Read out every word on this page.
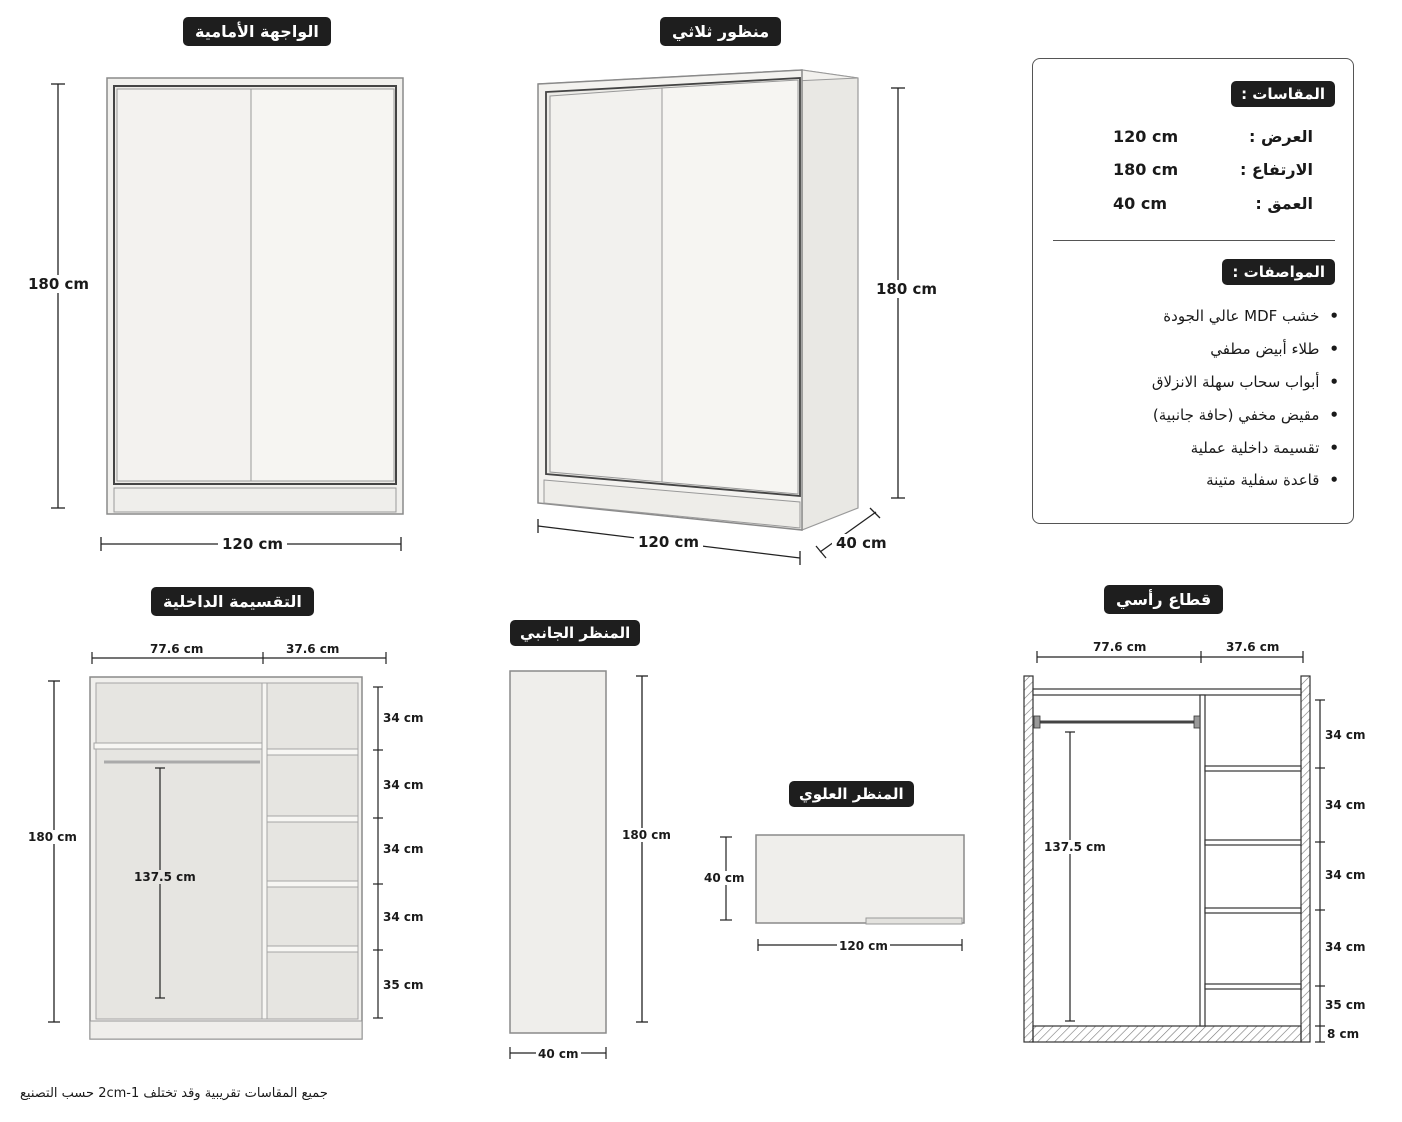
الواجهة الأمامية	منظور ثلاثي
التقسيمة الداخلية
المنظر الجانبي
المنظر العلوي
قطاع رأسي
180 cm
120 cm
180 cm
120 cm	40 cm
180 cm
77.6 cm	37.6 cm
137.5 cm
34 cm
34 cm
34 cm
34 cm
35 cm
180 cm
40 cm
40 cm
120 cm
77.6 cm	37.6 cm
137.5 cm
34 cm
34 cm
34 cm
34 cm
35 cm
8 cm
المقاسات :
العرض :
120 cm
الارتفاع :
180 cm
العمق :
40 cm
المواصفات :
•خشب MDF عالي الجودة
•طلاء أبيض مطفي
•أبواب سحاب سهلة الانزلاق
•مقيض مخفي (حافة جانبية)
•تقسيمة داخلية عملية
•قاعدة سفلية متينة
جميع المقاسات تقريبية وقد تختلف 1-2cm حسب التصنيع
